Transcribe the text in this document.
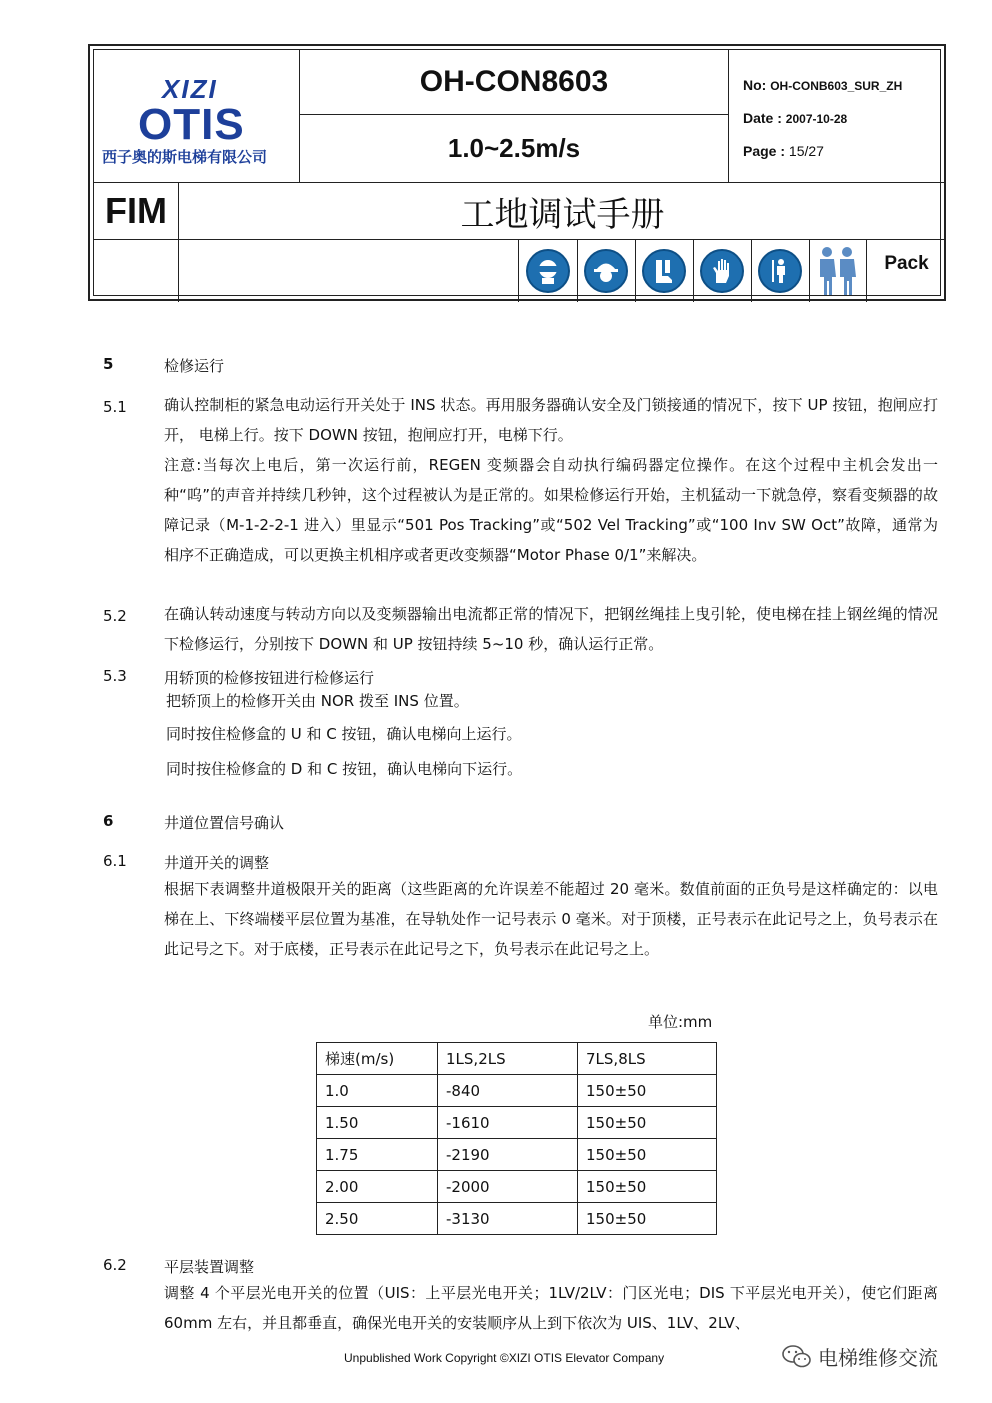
XIZI
OTIS
西子奥的斯电梯有限公司
OH-CON8603
1.0~2.5m/s
No: OH-CONB603_SUR_ZH
Date : 2007-10-28
Page : 15/27
FIM	工地调试手册
Pack
5	检修运行
5.1 确认控制柜的紧急电动运行开关处于 INS 状态。再用服务器确认安全及门锁接通的情况下，按下 UP 按钮，抱闸应打开， 电梯上行。按下 DOWN 按钮，抱闸应打开，电梯下行。
注意:当每次上电后，第一次运行前，REGEN 变频器会自动执行编码器定位操作。在这个过程中主机会发出一种“呜”的声音并持续几秒钟，这个过程被认为是正常的。如果检修运行开始，主机猛动一下就急停，察看变频器的故障记录（M-1-2-2-1 进入）里显示“501 Pos Tracking”或“502 Vel Tracking”或“100 Inv SW Oct”故障，通常为相序不正确造成，可以更换主机相序或者更改变频器“Motor Phase 0/1”来解决。
5.2 在确认转动速度与转动方向以及变频器输出电流都正常的情况下，把钢丝绳挂上曳引轮，使电梯在挂上钢丝绳的情况下检修运行，分别按下 DOWN 和 UP 按钮持续 5~10 秒，确认运行正常。
5.3 用轿顶的检修按钮进行检修运行
把轿顶上的检修开关由 NOR 拨至 INS 位置。
同时按住检修盒的 U 和 C 按钮，确认电梯向上运行。
同时按住检修盒的 D 和 C 按钮，确认电梯向下运行。
6	井道位置信号确认
6.1 井道开关的调整
根据下表调整井道极限开关的距离（这些距离的允许误差不能超过 20 毫米。数值前面的正负号是这样确定的：以电梯在上、下终端楼平层位置为基准，在导轨处作一记号表示 0 毫米。对于顶楼，正号表示在此记号之上，负号表示在此记号之下。对于底楼，正号表示在此记号之下，负号表示在此记号之上。
单位:mm
梯速(m/s)	1LS,2LS	7LS,8LS
1.0	-840	150±50
1.50	-1610	150±50
1.75	-2190	150±50
2.00	-2000	150±50
2.50	-3130	150±50
6.2 平层装置调整
调整 4 个平层光电开关的位置（UIS：上平层光电开关；1LV/2LV：门区光电；DIS 下平层光电开关），使它们距离 60mm 左右，并且都垂直，确保光电开关的安装顺序从上到下依次为 UIS、1LV、2LV、
Unpublished Work Copyright ©XIZI OTIS Elevator Company	电梯维修交流
